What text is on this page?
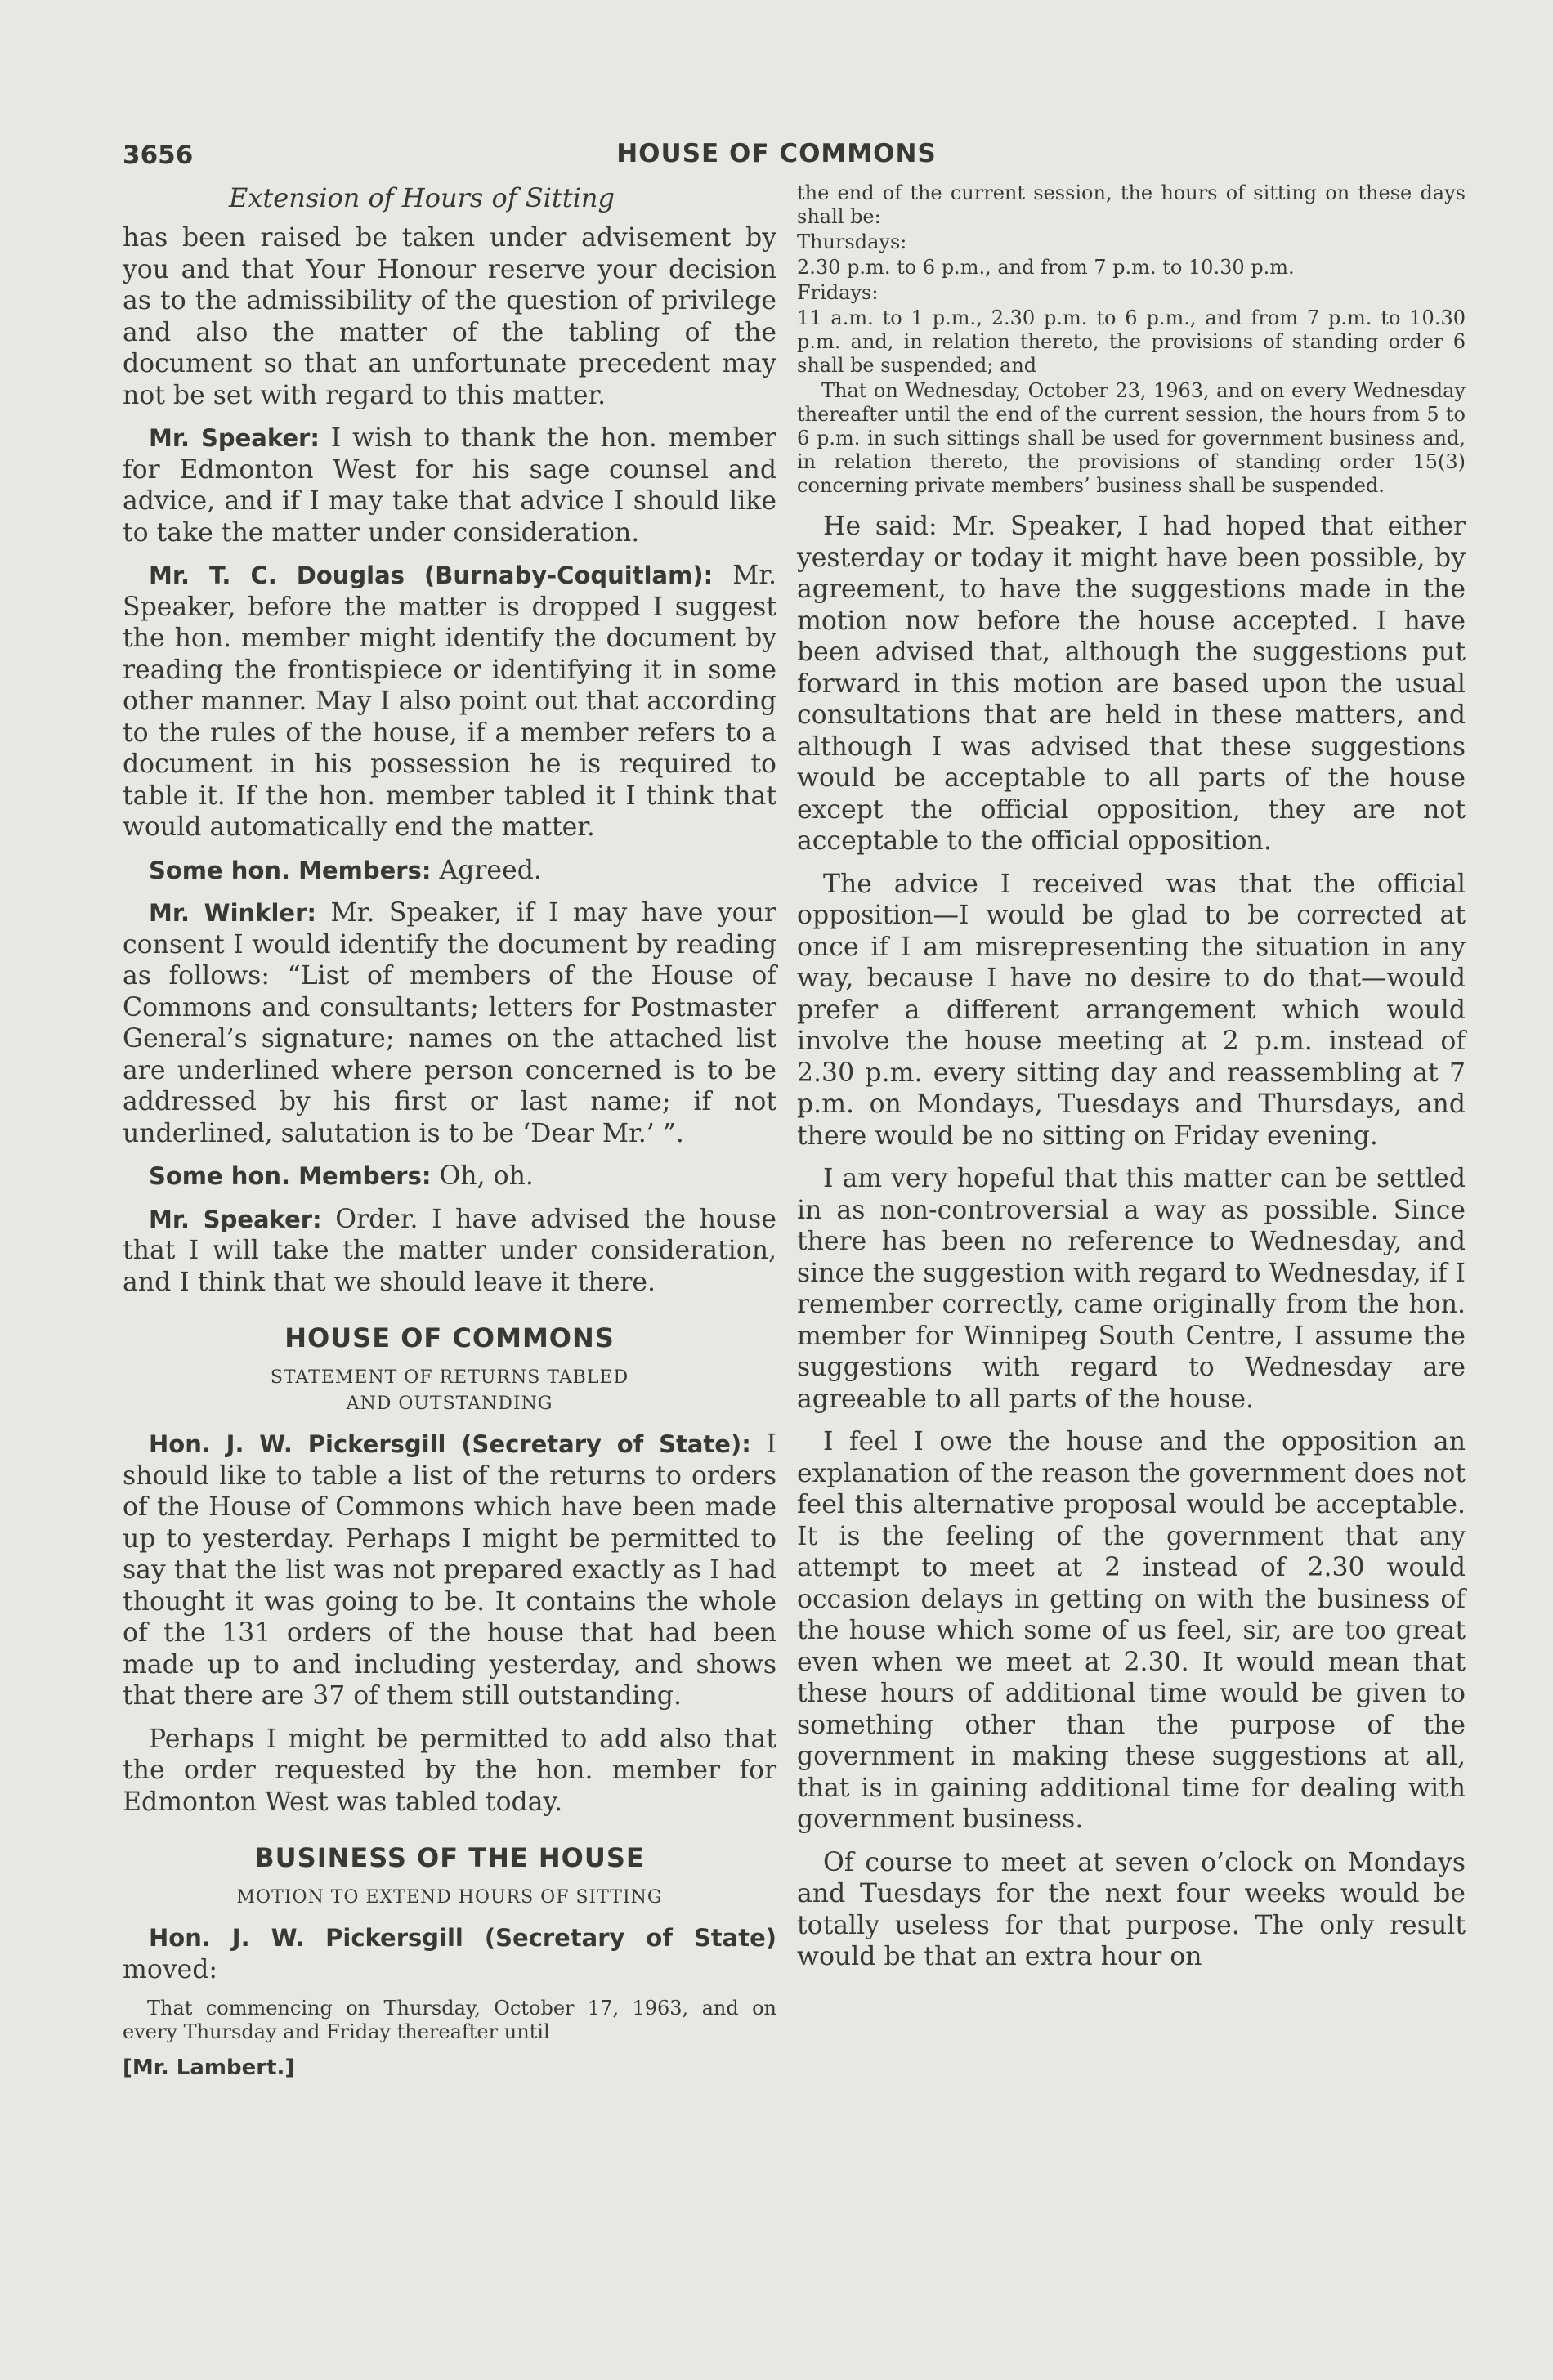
3656	HOUSE OF COMMONS
Extension of Hours of Sitting

has been raised be taken under advisement by you and that Your Honour reserve your decision as to the admissibility of the question of privilege and also the matter of the tabling of the document so that an unfortunate precedent may not be set with regard to this matter.

Mr. Speaker: I wish to thank the hon. member for Edmonton West for his sage counsel and advice, and if I may take that advice I should like to take the matter under consideration.

Mr. T. C. Douglas (Burnaby-Coquitlam): Mr. Speaker, before the matter is dropped I suggest the hon. member might identify the document by reading the frontispiece or identifying it in some other manner. May I also point out that according to the rules of the house, if a member refers to a document in his possession he is required to table it. If the hon. member tabled it I think that would automatically end the matter.

Some hon. Members: Agreed.

Mr. Winkler: Mr. Speaker, if I may have your consent I would identify the document by reading as follows: “List of members of the House of Commons and consultants; letters for Postmaster General’s signature; names on the attached list are underlined where person concerned is to be addressed by his first or last name; if not underlined, salutation is to be ‘Dear Mr.’ ”.

Some hon. Members: Oh, oh.

Mr. Speaker: Order. I have advised the house that I will take the matter under consideration, and I think that we should leave it there.

HOUSE OF COMMONS
STATEMENT OF RETURNS TABLED
AND OUTSTANDING

Hon. J. W. Pickersgill (Secretary of State): I should like to table a list of the returns to orders of the House of Commons which have been made up to yesterday. Perhaps I might be permitted to say that the list was not prepared exactly as I had thought it was going to be. It contains the whole of the 131 orders of the house that had been made up to and including yesterday, and shows that there are 37 of them still outstanding.

Perhaps I might be permitted to add also that the order requested by the hon. member for Edmonton West was tabled today.

BUSINESS OF THE HOUSE
MOTION TO EXTEND HOURS OF SITTING

Hon. J. W. Pickersgill (Secretary of State) moved:

That commencing on Thursday, October 17, 1963, and on every Thursday and Friday thereafter until

[Mr. Lambert.]

the end of the current session, the hours of sitting on these days shall be:

Thursdays:

2.30 p.m. to 6 p.m., and from 7 p.m. to 10.30 p.m.

Fridays:

11 a.m. to 1 p.m., 2.30 p.m. to 6 p.m., and from 7 p.m. to 10.30 p.m. and, in relation thereto, the provisions of standing order 6 shall be suspended; and

That on Wednesday, October 23, 1963, and on every Wednesday thereafter until the end of the current session, the hours from 5 to 6 p.m. in such sittings shall be used for government business and, in relation thereto, the provisions of standing order 15(3) concerning private members’ business shall be suspended.

He said: Mr. Speaker, I had hoped that either yesterday or today it might have been possible, by agreement, to have the suggestions made in the motion now before the house accepted. I have been advised that, although the suggestions put forward in this motion are based upon the usual consultations that are held in these matters, and although I was advised that these suggestions would be acceptable to all parts of the house except the official opposition, they are not acceptable to the official opposition.

The advice I received was that the official opposition—I would be glad to be corrected at once if I am misrepresenting the situation in any way, because I have no desire to do that—would prefer a different arrangement which would involve the house meeting at 2 p.m. instead of 2.30 p.m. every sitting day and reassembling at 7 p.m. on Mondays, Tuesdays and Thursdays, and there would be no sitting on Friday evening.

I am very hopeful that this matter can be settled in as non-controversial a way as possible. Since there has been no reference to Wednesday, and since the suggestion with regard to Wednesday, if I remember correctly, came originally from the hon. member for Winnipeg South Centre, I assume the suggestions with regard to Wednesday are agreeable to all parts of the house.

I feel I owe the house and the opposition an explanation of the reason the government does not feel this alternative proposal would be acceptable. It is the feeling of the government that any attempt to meet at 2 instead of 2.30 would occasion delays in getting on with the business of the house which some of us feel, sir, are too great even when we meet at 2.30. It would mean that these hours of additional time would be given to something other than the purpose of the government in making these suggestions at all, that is in gaining additional time for dealing with government business.

Of course to meet at seven o’clock on Mondays and Tuesdays for the next four weeks would be totally useless for that purpose. The only result would be that an extra hour on
